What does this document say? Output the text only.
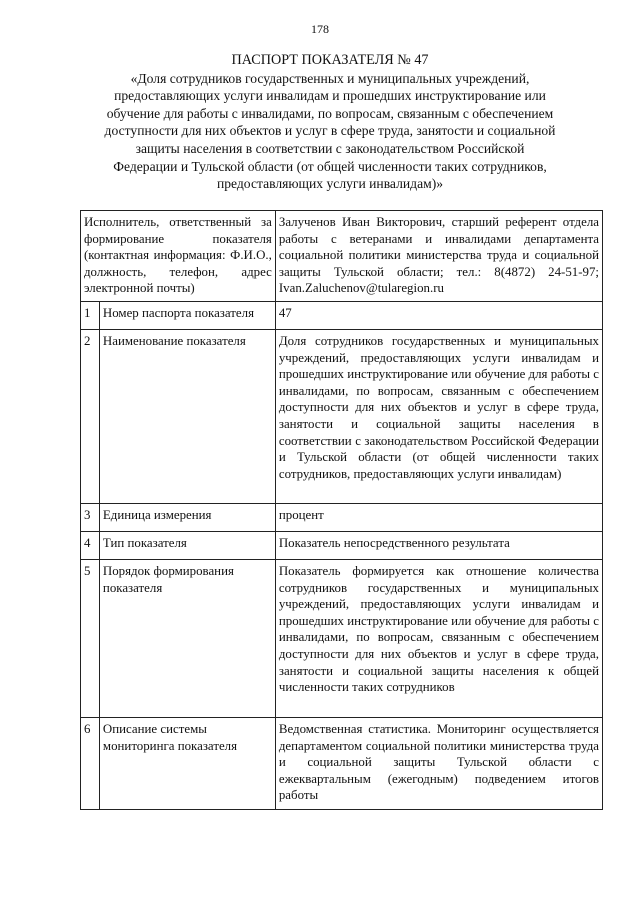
178
ПАСПОРТ ПОКАЗАТЕЛЯ № 47
«Доля сотрудников государственных и муниципальных учреждений,
предоставляющих услуги инвалидам и прошедших инструктирование или
обучение для работы с инвалидами, по вопросам, связанным с обеспечением
доступности для них объектов и услуг в сфере труда, занятости и социальной
защиты населения в соответствии с законодательством Российской
Федерации и Тульской области (от общей численности таких сотрудников,
предоставляющих услуги инвалидам)»
Исполнитель, ответственный за формирование показателя (контактная информация: Ф.И.О., должность, телефон, адрес электронной почты)		Залученов Иван Викторович, старший референт отдела работы с ветеранами и инвалидами департамента социальной политики министерства труда и социальной защиты Тульской области; тел.: 8(4872) 24-51-97; Ivan.Zaluchenov@tularegion.ru
1	Номер паспорта показателя	47
2	Наименование показателя	Доля сотрудников государственных и муниципальных учреждений, предоставляющих услуги инвалидам и прошедших инструктирование или обучение для работы с инвалидами, по вопросам, связанным с обеспечением доступности для них объектов и услуг в сфере труда, занятости и социальной защиты населения в соответствии с законодательством Российской Федерации и Тульской области (от общей численности таких сотрудников, предоставляющих услуги инвалидам)
3	Единица измерения	процент
4	Тип показателя	Показатель непосредственного результата
5	Порядок формирования показателя	Показатель формируется как отношение количества сотрудников государственных и муниципальных учреждений, предоставляющих услуги инвалидам и прошедших инструктирование или обучение для работы с инвалидами, по вопросам, связанным с обеспечением доступности для них объектов и услуг в сфере труда, занятости и социальной защиты населения к общей численности таких сотрудников
6	Описание системы мониторинга показателя	Ведомственная статистика. Мониторинг осуществляется департаментом социальной политики министерства труда и социальной защиты Тульской области с ежеквартальным (ежегодным) подведением итогов работы
